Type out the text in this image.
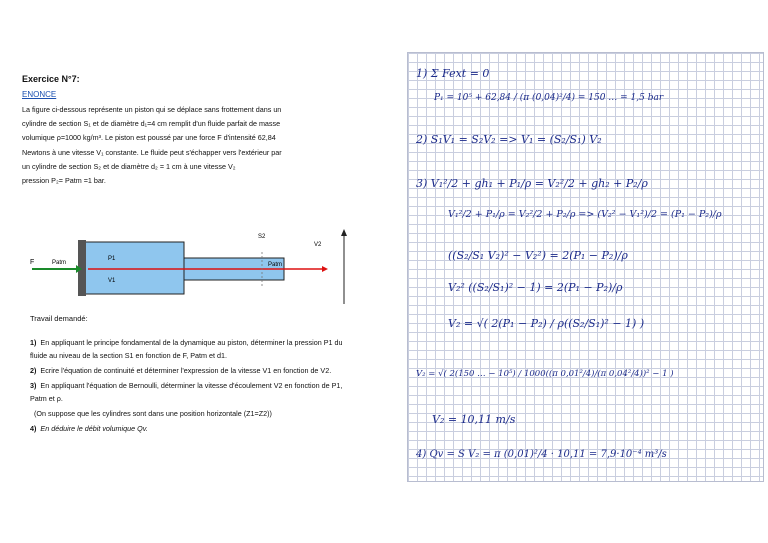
Exercice N°7:
ENONCE
La figure ci-dessous représente un piston qui se déplace sans frottement dans un
cylindre de section S₁ et de diamètre d₁=4 cm remplit d'un fluide parfait de masse
volumique ρ=1000 kg/m³. Le piston est poussé par une force F d'intensité 62,84
Newtons à une vitesse V₁ constante. Le fluide peut s'échapper vers l'extérieur par
un cylindre de section S₂ et de diamètre d₂ = 1 cm à une vitesse V₂
pression P₂= Patm =1 bar.
F	Patm
P1
V1
S2
Patm
V2
Travail demandé:
1) En appliquant le principe fondamental de la dynamique au piston, déterminer la pression P1 du fluide au niveau de la section S1 en fonction de F, Patm et d1.
2) Ecrire l'équation de continuité et déterminer l'expression de la vitesse V1 en fonction de V2.
3) En appliquant l'équation de Bernoulli, déterminer la vitesse d'écoulement V2 en fonction de P1, Patm et ρ.
(On suppose que les cylindres sont dans une position horizontale (Z1=Z2))
4) En déduire le débit volumique Qv.
1) Σ Fext = 0
P₁ = 10⁵ + 62,84 / (π (0,04)²/4) = 150 … = 1,5 bar
2) S₁V₁ = S₂V₂ => V₁ = (S₂/S₁) V₂
3) V₁²/2 + gh₁ + P₁/ρ = V₂²/2 + gh₂ + P₂/ρ
V₁²/2 + P₁/ρ = V₂²/2 + P₂/ρ => (V₂² − V₁²)/2 = (P₁ − P₂)/ρ
((S₂/S₁ V₂)² − V₂²) = 2(P₁ − P₂)/ρ
V₂² ((S₂/S₁)² − 1) = 2(P₁ − P₂)/ρ
V₂ = √( 2(P₁ − P₂) / ρ((S₂/S₁)² − 1) )
V₂ = √( 2(150 … − 10⁵) / 1000((π 0,01²/4)/(π 0,04²/4))² − 1 )
V₂ = 10,11 m/s
4) Qv = S V₂ = π (0,01)²/4 · 10,11 = 7,9·10⁻⁴ m³/s
